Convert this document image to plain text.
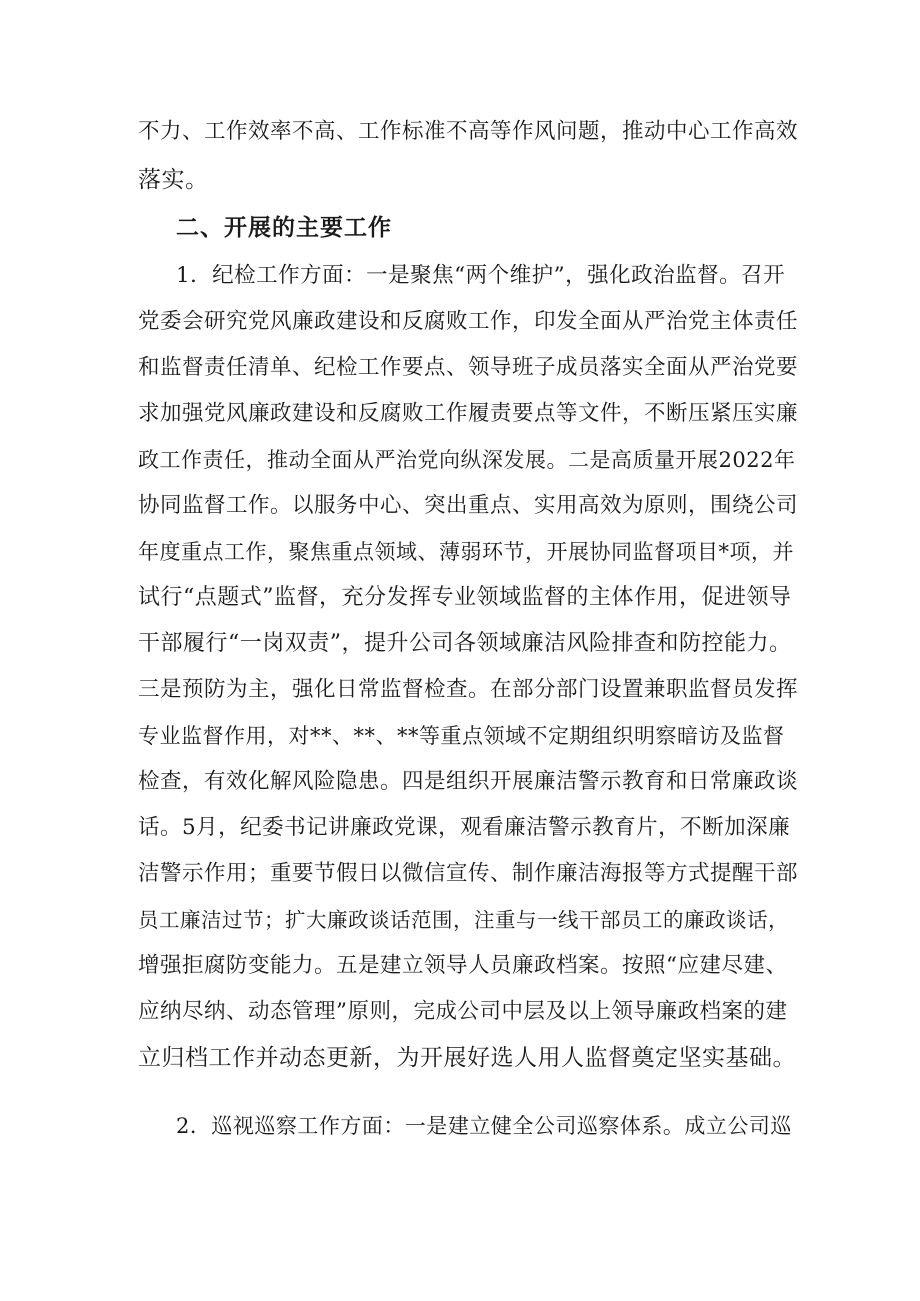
不力、工作效率不高、工作标准不高等作风问题，推动中心工作高效
落实。
二、开展的主要工作
1．纪检工作方面：一是聚焦“两个维护”，强化政治监督。召开
党委会研究党风廉政建设和反腐败工作，印发全面从严治党主体责任
和监督责任清单、纪检工作要点、领导班子成员落实全面从严治党要
求加强党风廉政建设和反腐败工作履责要点等文件，不断压紧压实廉
政工作责任，推动全面从严治党向纵深发展。二是高质量开展2022年
协同监督工作。以服务中心、突出重点、实用高效为原则，围绕公司
年度重点工作，聚焦重点领域、薄弱环节，开展协同监督项目*项，并
试行“点题式”监督，充分发挥专业领域监督的主体作用，促进领导
干部履行“一岗双责”，提升公司各领域廉洁风险排查和防控能力。
三是预防为主，强化日常监督检查。在部分部门设置兼职监督员发挥
专业监督作用，对**、**、**等重点领域不定期组织明察暗访及监督
检查，有效化解风险隐患。四是组织开展廉洁警示教育和日常廉政谈
话。5月，纪委书记讲廉政党课，观看廉洁警示教育片，不断加深廉
洁警示作用；重要节假日以微信宣传、制作廉洁海报等方式提醒干部
员工廉洁过节；扩大廉政谈话范围，注重与一线干部员工的廉政谈话，
增强拒腐防变能力。五是建立领导人员廉政档案。按照“应建尽建、
应纳尽纳、动态管理”原则，完成公司中层及以上领导廉政档案的建
立归档工作并动态更新，为开展好选人用人监督奠定坚实基础。
2．巡视巡察工作方面：一是建立健全公司巡察体系。成立公司巡
